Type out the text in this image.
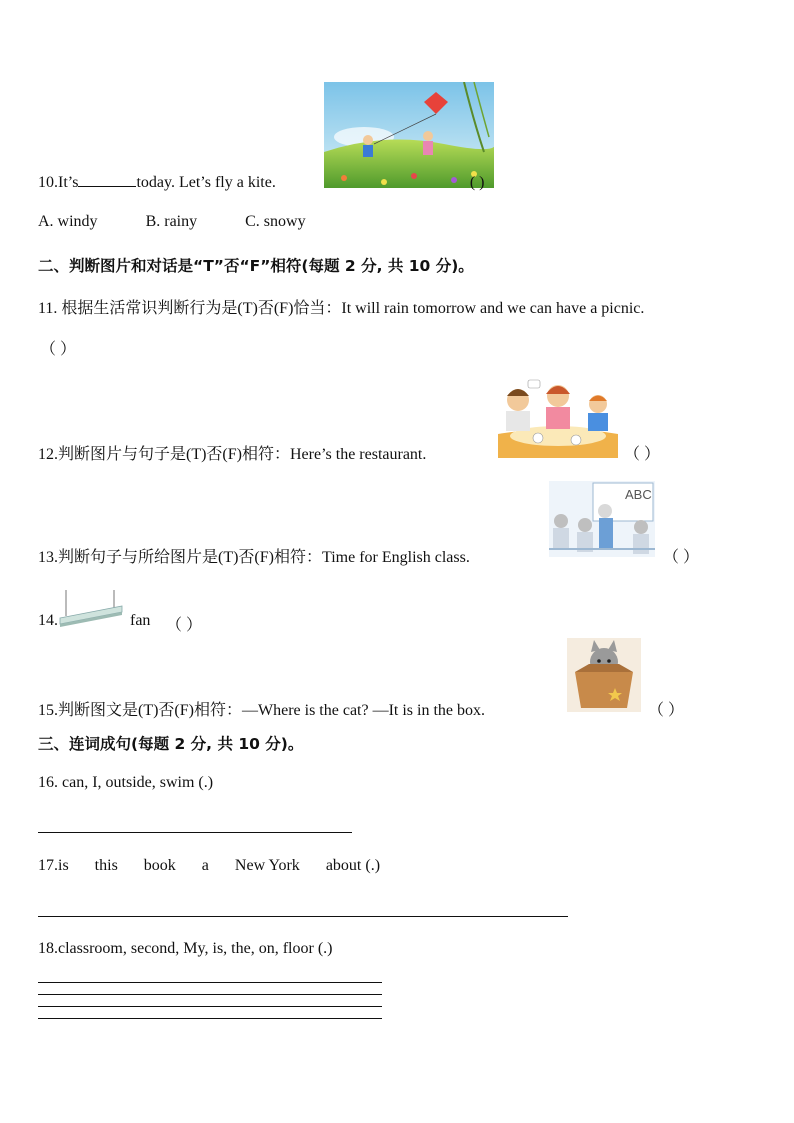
10.It’s	today. Let’s fly a kite.	( )
A. windy	B. rainy	C. snowy
二、判断图片和对话是“T”否“F”相符(每题 2 分, 共 10 分)。
11. 根据生活常识判断行为是(T)否(F)恰当：It will rain tomorrow and we can have a picnic.
（ ）
12.判断图片与句子是(T)否(F)相符：Here’s the restaurant.	（ ）
ABC
13.判断句子与所给图片是(T)否(F)相符：Time for English class.	（ ）
14.	fan （ ）
15.判断图文是(T)否(F)相符：—Where is the cat? —It is in the box.	（ ）
三、连词成句(每题 2 分, 共 10 分)。
16. can, I, outside, swim (.)
17.is this book a New York about (.)
18.classroom, second, My, is, the, on, floor (.)
